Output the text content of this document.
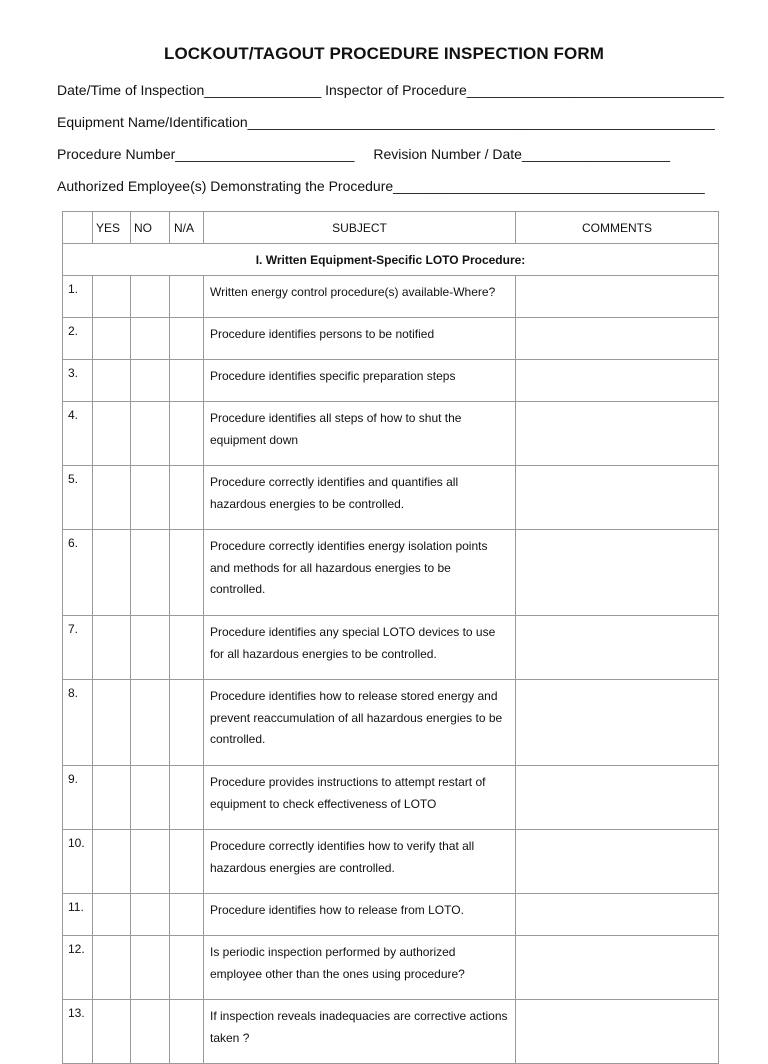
LOCKOUT/TAGOUT PROCEDURE INSPECTION FORM
Date/Time of Inspection_______________ Inspector of Procedure_________________________________
Equipment Name/Identification____________________________________________________________
Procedure Number_______________________ Revision Number / Date___________________
Authorized Employee(s) Demonstrating the Procedure________________________________________
	YES	NO	N/A	SUBJECT	COMMENTS
I. Written Equipment-Specific LOTO Procedure:					
1.				Written energy control procedure(s) available-Where?	
2.				Procedure identifies persons to be notified	
3.				Procedure identifies specific preparation steps	
4.				Procedure identifies all steps of how to shut the equipment down	
5.				Procedure correctly identifies and quantifies all hazardous energies to be controlled.	
6.				Procedure correctly identifies energy isolation points and methods for all hazardous energies to be controlled.	
7.				Procedure identifies any special LOTO devices to use for all hazardous energies to be controlled.	
8.				Procedure identifies how to release stored energy and prevent reaccumulation of all hazardous energies to be controlled.	
9.				Procedure provides instructions to attempt restart of equipment to check effectiveness of LOTO	
10.				Procedure correctly identifies how to verify that all hazardous energies are controlled.	
11.				Procedure identifies how to release from LOTO.	
12.				Is periodic inspection performed by authorized employee other than the ones using procedure?	
13.				If inspection reveals inadequacies are corrective actions taken ?	
